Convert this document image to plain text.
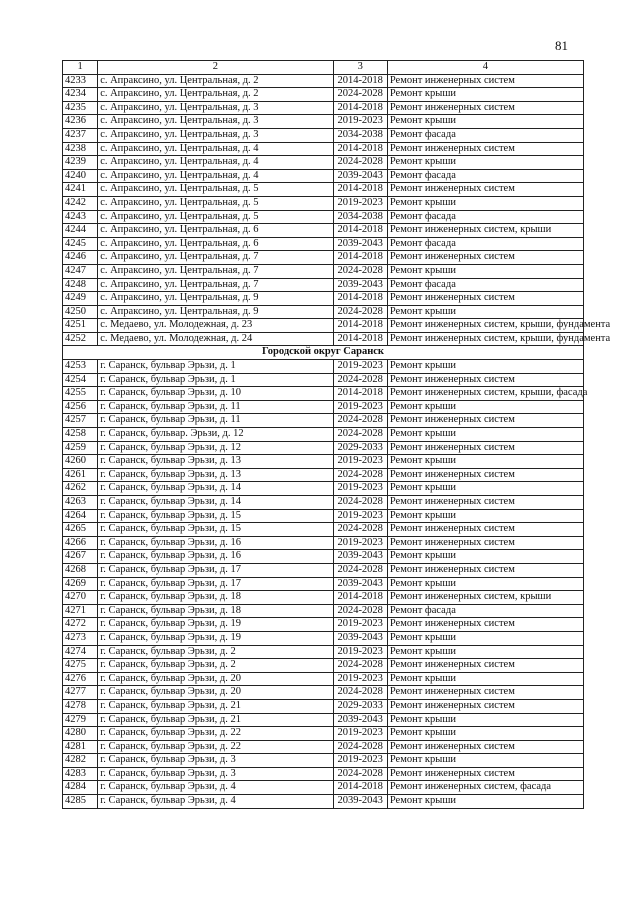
81
1	2	3	4
4233	с. Апраксино, ул. Центральная, д. 2	2014-2018	Ремонт инженерных систем
4234	с. Апраксино, ул. Центральная, д. 2	2024-2028	Ремонт крыши
4235	с. Апраксино, ул. Центральная, д. 3	2014-2018	Ремонт инженерных систем
4236	с. Апраксино, ул. Центральная, д. 3	2019-2023	Ремонт крыши
4237	с. Апраксино, ул. Центральная, д. 3	2034-2038	Ремонт фасада
4238	с. Апраксино, ул. Центральная, д. 4	2014-2018	Ремонт инженерных систем
4239	с. Апраксино, ул. Центральная, д. 4	2024-2028	Ремонт крыши
4240	с. Апраксино, ул. Центральная, д. 4	2039-2043	Ремонт фасада
4241	с. Апраксино, ул. Центральная, д. 5	2014-2018	Ремонт инженерных систем
4242	с. Апраксино, ул. Центральная, д. 5	2019-2023	Ремонт крыши
4243	с. Апраксино, ул. Центральная, д. 5	2034-2038	Ремонт фасада
4244	с. Апраксино, ул. Центральная, д. 6	2014-2018	Ремонт инженерных систем, крыши
4245	с. Апраксино, ул. Центральная, д. 6	2039-2043	Ремонт фасада
4246	с. Апраксино, ул. Центральная, д. 7	2014-2018	Ремонт инженерных систем
4247	с. Апраксино, ул. Центральная, д. 7	2024-2028	Ремонт крыши
4248	с. Апраксино, ул. Центральная, д. 7	2039-2043	Ремонт фасада
4249	с. Апраксино, ул. Центральная, д. 9	2014-2018	Ремонт инженерных систем
4250	с. Апраксино, ул. Центральная, д. 9	2024-2028	Ремонт крыши
4251	с. Медаево, ул. Молодежная, д. 23	2014-2018	Ремонт инженерных систем, крыши, фундамента
4252	с. Медаево, ул. Молодежная, д. 24	2014-2018	Ремонт инженерных систем, крыши, фундамента
Городской округ Саранск			
4253	г. Саранск, бульвар Эрьзи, д. 1	2019-2023	Ремонт крыши
4254	г. Саранск, бульвар Эрьзи, д. 1	2024-2028	Ремонт инженерных систем
4255	г. Саранск, бульвар Эрьзи, д. 10	2014-2018	Ремонт инженерных систем, крыши, фасада
4256	г. Саранск, бульвар Эрьзи, д. 11	2019-2023	Ремонт крыши
4257	г. Саранск, бульвар Эрьзи, д. 11	2024-2028	Ремонт инженерных систем
4258	г. Саранск, бульвар. Эрьзи, д. 12	2024-2028	Ремонт крыши
4259	г. Саранск, бульвар Эрьзи, д. 12	2029-2033	Ремонт инженерных систем
4260	г. Саранск, бульвар Эрьзи, д. 13	2019-2023	Ремонт крыши
4261	г. Саранск, бульвар Эрьзи, д. 13	2024-2028	Ремонт инженерных систем
4262	г. Саранск, бульвар Эрьзи, д. 14	2019-2023	Ремонт крыши
4263	г. Саранск, бульвар Эрьзи, д. 14	2024-2028	Ремонт инженерных систем
4264	г. Саранск, бульвар Эрьзи, д. 15	2019-2023	Ремонт крыши
4265	г. Саранск, бульвар Эрьзи, д. 15	2024-2028	Ремонт инженерных систем
4266	г. Саранск, бульвар Эрьзи, д. 16	2019-2023	Ремонт инженерных систем
4267	г. Саранск, бульвар Эрьзи, д. 16	2039-2043	Ремонт крыши
4268	г. Саранск, бульвар Эрьзи, д. 17	2024-2028	Ремонт инженерных систем
4269	г. Саранск, бульвар Эрьзи, д. 17	2039-2043	Ремонт крыши
4270	г. Саранск, бульвар Эрьзи, д. 18	2014-2018	Ремонт инженерных систем, крыши
4271	г. Саранск, бульвар Эрьзи, д. 18	2024-2028	Ремонт фасада
4272	г. Саранск, бульвар Эрьзи, д. 19	2019-2023	Ремонт инженерных систем
4273	г. Саранск, бульвар Эрьзи, д. 19	2039-2043	Ремонт крыши
4274	г. Саранск, бульвар Эрьзи, д. 2	2019-2023	Ремонт крыши
4275	г. Саранск, бульвар Эрьзи, д. 2	2024-2028	Ремонт инженерных систем
4276	г. Саранск, бульвар Эрьзи, д. 20	2019-2023	Ремонт крыши
4277	г. Саранск, бульвар Эрьзи, д. 20	2024-2028	Ремонт инженерных систем
4278	г. Саранск, бульвар Эрьзи, д. 21	2029-2033	Ремонт инженерных систем
4279	г. Саранск, бульвар Эрьзи, д. 21	2039-2043	Ремонт крыши
4280	г. Саранск, бульвар Эрьзи, д. 22	2019-2023	Ремонт крыши
4281	г. Саранск, бульвар Эрьзи, д. 22	2024-2028	Ремонт инженерных систем
4282	г. Саранск, бульвар Эрьзи, д. 3	2019-2023	Ремонт крыши
4283	г. Саранск, бульвар Эрьзи, д. 3	2024-2028	Ремонт инженерных систем
4284	г. Саранск, бульвар Эрьзи, д. 4	2014-2018	Ремонт инженерных систем, фасада
4285	г. Саранск, бульвар Эрьзи, д. 4	2039-2043	Ремонт крыши
